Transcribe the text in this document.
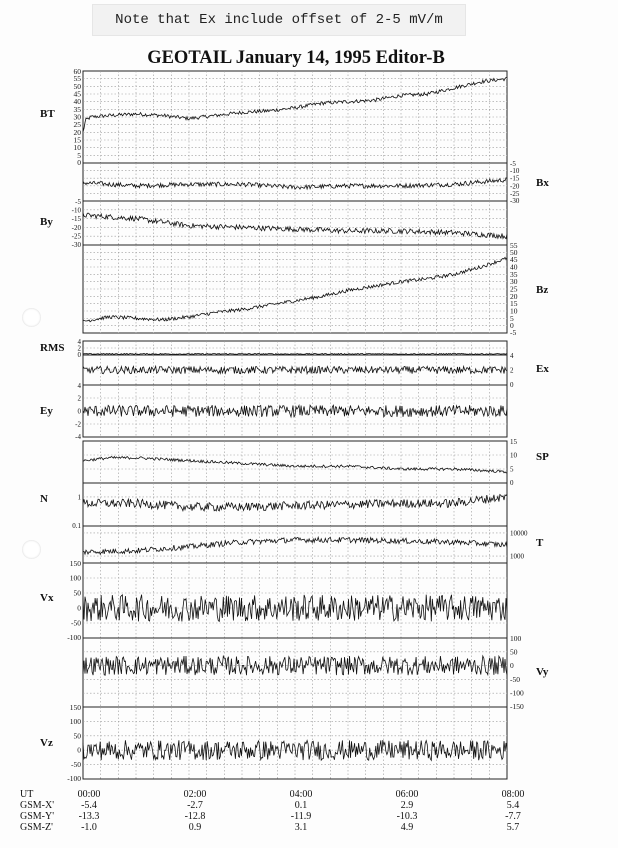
Note that Ex include offset of 2-5 mV/m
GEOTAIL January 14, 1995 Editor-B
0
5
10
15
20
25
30
35
40
45
50
55
60
BT
-5
-10
-15
-20
-25
-30
Bx
-5
-10
-15
-20
-25
-30
By
-5
0
5
10
15
20
25
30
35
40
45
50
55
Bz
0
2
4
RMS
0
2
4
Ex
-4
-2
0
2
4
Ey
0
5
10
15
SP
0.1
1
N
1000
10000
T
150
100
50
0
-50
-100
Vx
100
50
0
-50
-100
-150
Vy
150
100
50
0
-50
-100
Vz
UT
GSM-X'
GSM-Y'
GSM-Z'
00:00
-5.4
-13.3
-1.0
02:00
-2.7
-12.8
0.9
04:00
0.1
-11.9
3.1
06:00
2.9
-10.3
4.9
08:00
5.4
-7.7
5.7
